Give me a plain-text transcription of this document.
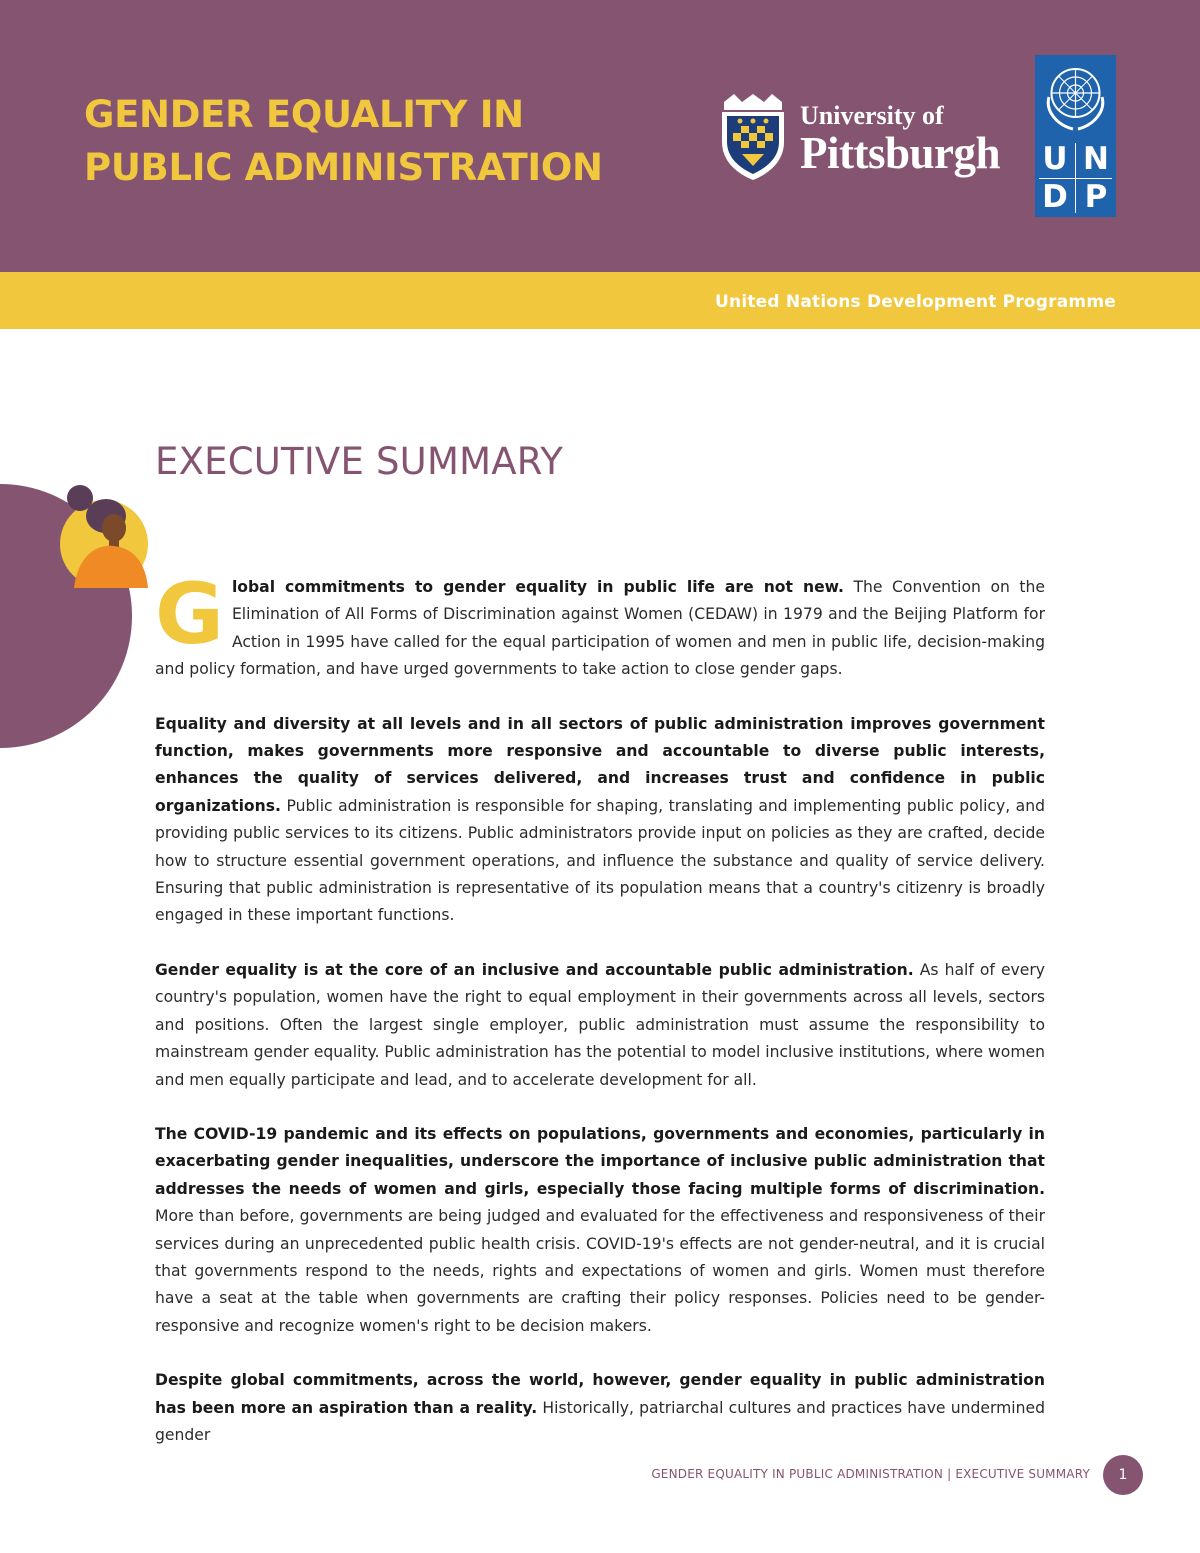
GENDER EQUALITY IN
PUBLIC ADMINISTRATION
University of
Pittsburgh U N
D P
United Nations Development Programme
EXECUTIVE SUMMARY

Global commitments to gender equality in public life are not new. The Convention on the Elimination of All Forms of Discrimination against Women (CEDAW) in 1979 and the Beijing Platform for Action in 1995 have called for the equal participation of women and men in public life, decision-making and policy formation, and have urged governments to take action to close gender gaps.

Equality and diversity at all levels and in all sectors of public administration improves government function, makes governments more responsive and accountable to diverse public interests, enhances the quality of services delivered, and increases trust and confidence in public organizations. Public administration is responsible for shaping, translating and implementing public policy, and providing public services to its citizens. Public administrators provide input on policies as they are crafted, decide how to structure essential government operations, and influence the substance and quality of service delivery. Ensuring that public administration is representative of its population means that a country's citizenry is broadly engaged in these important functions.

Gender equality is at the core of an inclusive and accountable public administration. As half of every country's population, women have the right to equal employment in their governments across all levels, sectors and positions. Often the largest single employer, public administration must assume the responsibility to mainstream gender equality. Public administration has the potential to model inclusive institutions, where women and men equally participate and lead, and to accelerate development for all.

The COVID-19 pandemic and its effects on populations, governments and economies, particularly in exacerbating gender inequalities, underscore the importance of inclusive public administration that addresses the needs of women and girls, especially those facing multiple forms of discrimination. More than before, governments are being judged and evaluated for the effectiveness and responsiveness of their services during an unprecedented public health crisis. COVID-19's effects are not gender-neutral, and it is crucial that governments respond to the needs, rights and expectations of women and girls. Women must therefore have a seat at the table when governments are crafting their policy responses. Policies need to be gender-responsive and recognize women's right to be decision makers.

Despite global commitments, across the world, however, gender equality in public administration has been more an aspiration than a reality. Historically, patriarchal cultures and practices have undermined gender

GENDER EQUALITY IN PUBLIC ADMINISTRATION | EXECUTIVE SUMMARY	1
